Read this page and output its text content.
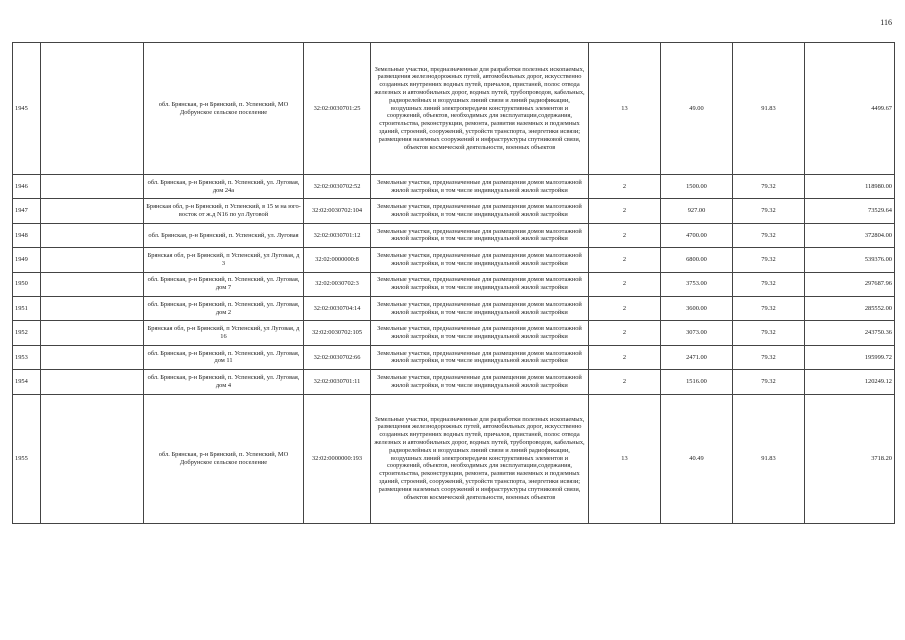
116
1945		обл. Брянская, р-н Брянский, п. Успенский, МО Добрунское сельское поселение	32:02:0030701:25	Земельные участки, предназначенные для разработки полезных ископаемых, размещения железнодорожных путей, автомобильных дорог, искусственно созданных внутренних водных путей, причалов, пристаней, полос отвода железных и автомобильных дорог, водных путей, трубопроводов, кабельных, радиорелейных и воздушных линий связи и линий радиофикации, воздушных линий электропередачи конструктивных элементов и сооружений, объектов, необходимых для эксплуатации,содержания, строительства, реконструкции, ремонта, развития наземных и подземных зданий, строений, сооружений, устройств транспорта, энергетики исвязи; размещения наземных сооружений и инфраструктуры спутниковой связи, объектов космической деятельности, военных объектов	13	49.00	91.83	4499.67
1946		обл. Брянская, р-н Брянский, п. Успенский, ул. Луговая, дом 24а	32:02:0030702:52	Земельные участки, предназначенные для размещения домов малоэтажной жилой застройки, в том числе индивидуальной жилой застройки	2	1500.00	79.32	118980.00
1947		Брянская обл, р-н Брянский, п Успенский, в 15 м на юго-восток от ж.д N16 по ул Луговой	32:02:0030702:104	Земельные участки, предназначенные для размещения домов малоэтажной жилой застройки, в том числе индивидуальной жилой застройки	2	927.00	79.32	73529.64
1948		обл. Брянская, р-н Брянский, п. Успенский, ул. Луговая	32:02:0030701:12	Земельные участки, предназначенные для размещения домов малоэтажной жилой застройки, в том числе индивидуальной жилой застройки	2	4700.00	79.32	372804.00
1949		Брянская обл, р-н Брянский, п Успенский, ул Луговая, д 3	32:02:0000000:8	Земельные участки, предназначенные для размещения домов малоэтажной жилой застройки, в том числе индивидуальной жилой застройки	2	6800.00	79.32	539376.00
1950		обл. Брянская, р-н Брянский, п. Успенский, ул. Луговая, дом 7	32:02:0030702:3	Земельные участки, предназначенные для размещения домов малоэтажной жилой застройки, в том числе индивидуальной жилой застройки	2	3753.00	79.32	297687.96
1951		обл. Брянская, р-н Брянский, п. Успенский, ул. Луговая, дом 2	32:02:0030704:14	Земельные участки, предназначенные для размещения домов малоэтажной жилой застройки, в том числе индивидуальной жилой застройки	2	3600.00	79.32	285552.00
1952		Брянская обл, р-н Брянский, п Успенский, ул Луговая, д 16	32:02:0030702:105	Земельные участки, предназначенные для размещения домов малоэтажной жилой застройки, в том числе индивидуальной жилой застройки	2	3073.00	79.32	243750.36
1953		обл. Брянская, р-н Брянский, п. Успенский, ул. Луговая, дом 11	32:02:0030702:66	Земельные участки, предназначенные для размещения домов малоэтажной жилой застройки, в том числе индивидуальной жилой застройки	2	2471.00	79.32	195999.72
1954		обл. Брянская, р-н Брянский, п. Успенский, ул. Луговая, дом 4	32:02:0030701:11	Земельные участки, предназначенные для размещения домов малоэтажной жилой застройки, в том числе индивидуальной жилой застройки	2	1516.00	79.32	120249.12
1955		обл. Брянская, р-н Брянский, п. Успенский, МО Добрунское сельское поселение	32:02:0000000:193	Земельные участки, предназначенные для разработки полезных ископаемых, размещения железнодорожных путей, автомобильных дорог, искусственно созданных внутренних водных путей, причалов, пристаней, полос отвода железных и автомобильных дорог, водных путей, трубопроводов, кабельных, радиорелейных и воздушных линий связи и линий радиофикации, воздушных линий электропередачи конструктивных элементов и сооружений, объектов, необходимых для эксплуатации,содержания, строительства, реконструкции, ремонта, развития наземных и подземных зданий, строений, сооружений, устройств транспорта, энергетики исвязи; размещения наземных сооружений и инфраструктуры спутниковой связи, объектов космической деятельности, военных объектов	13	40.49	91.83	3718.20
